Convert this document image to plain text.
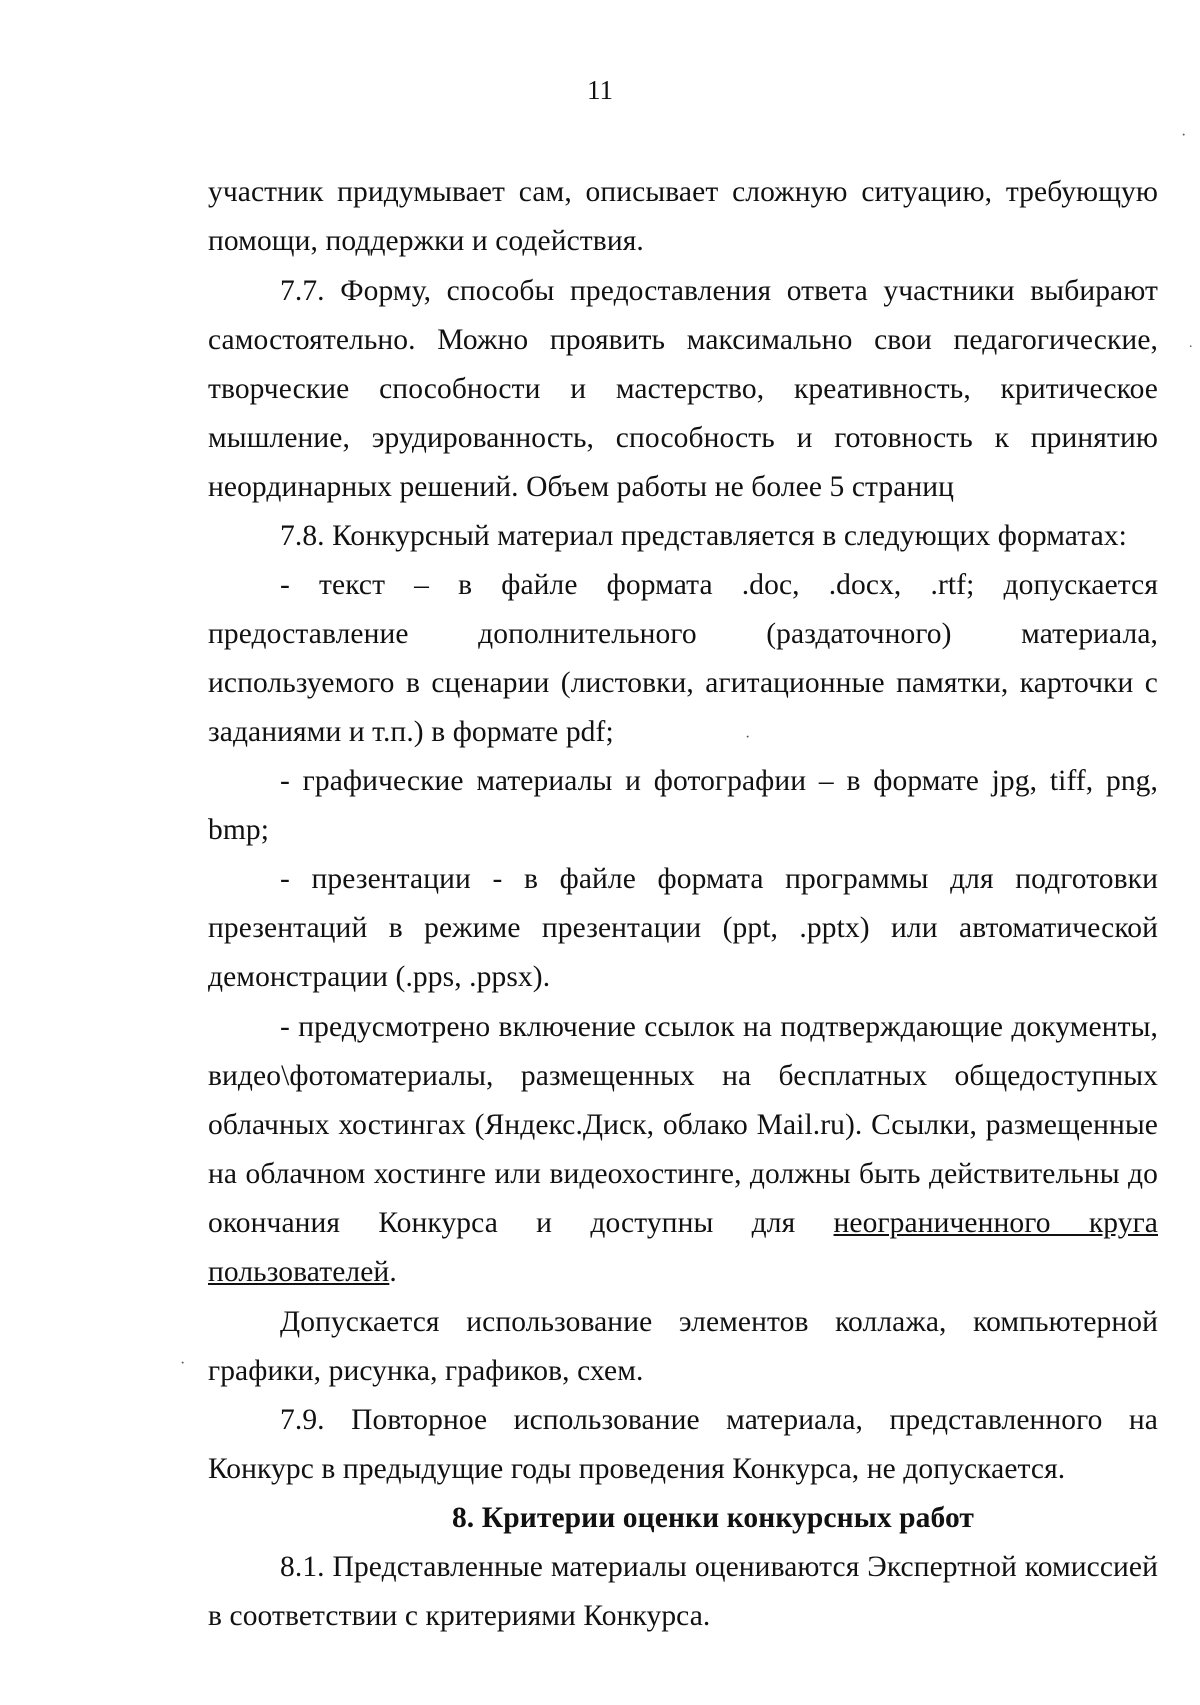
11

участник придумывает сам, описывает сложную ситуацию, требующую помощи, поддержки и содействия.

7.7. Форму, способы предоставления ответа участники выбирают самостоятельно. Можно проявить максимально свои педагогические, творческие способности и мастерство, креативность, критическое мышление, эрудированность, способность и готовность к принятию неординарных решений. Объем работы не более 5 страниц

7.8. Конкурсный материал представляется в следующих форматах:

- текст – в файле формата .doc, .docx, .rtf; допускается предоставление дополнительного (раздаточного) материала, используемого в сценарии (листовки, агитационные памятки, карточки с заданиями и т.п.) в формате pdf;

- графические материалы и фотографии – в формате jpg, tiff, png, bmp;

- презентации - в файле формата программы для подготовки презентаций в режиме презентации (ppt, .pptx) или автоматической демонстрации (.pps, .ppsx).

- предусмотрено включение ссылок на подтверждающие документы, видео\фотоматериалы, размещенных на бесплатных общедоступных облачных хостингах (Яндекс.Диск, облако Mail.ru). Ссылки, размещенные на облачном хостинге или видеохостинге, должны быть действительны до окончания Конкурса и доступны для неограниченного круга пользователей.

Допускается использование элементов коллажа, компьютерной графики, рисунка, графиков, схем.

7.9. Повторное использование материала, представленного на Конкурс в предыдущие годы проведения Конкурса, не допускается.

8. Критерии оценки конкурсных работ

8.1. Представленные материалы оцениваются Экспертной комиссией в соответствии с критериями Конкурса.

·
˙
·
·
